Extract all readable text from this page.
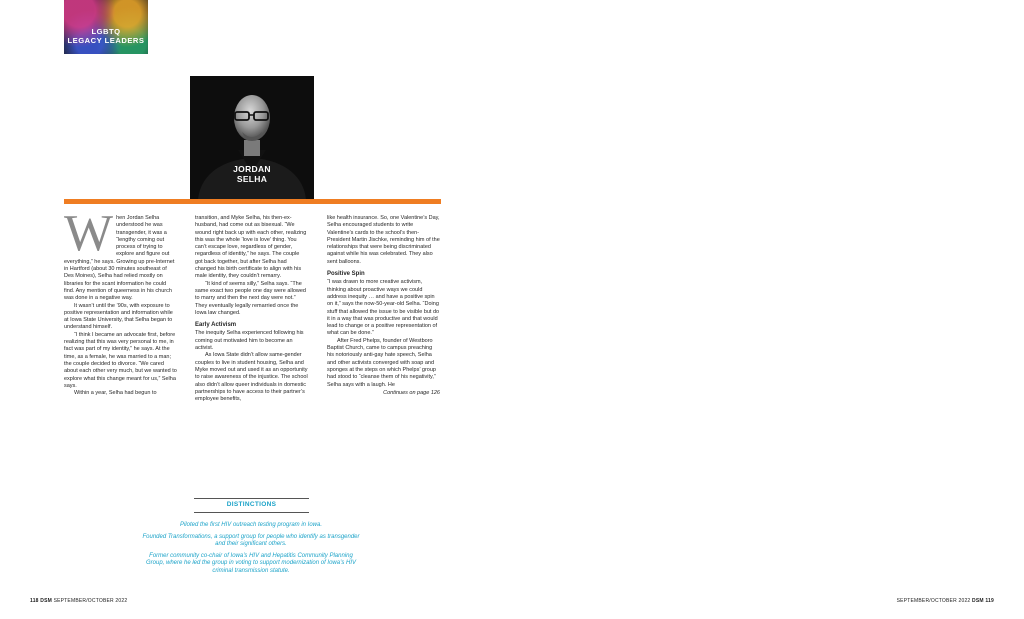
LGBTQ
LEGACY LEADERS
JORDAN
SELHA
W hen Jordan Selha understood he was transgender, it was a “lengthy coming out process of trying to explore and figure out everything,” he says. Growing up pre-Internet in Hartford (about 30 minutes southeast of Des Moines), Selha had relied mostly on libraries for the scant information he could find. Any mention of queerness in his church was done in a negative way.

It wasn’t until the ’90s, with exposure to positive representation and information while at Iowa State University, that Selha began to understand himself.

“I think I became an advocate first, before realizing that this was very personal to me, in fact was part of my identity,” he says. At the time, as a female, he was married to a man; the couple decided to divorce. “We cared about each other very much, but we wanted to explore what this change meant for us,” Selha says.

Within a year, Selha had begun to

transition, and Myke Selha, his then-ex-husband, had come out as bisexual. “We wound right back up with each other, realizing this was the whole ‘love is love’ thing. You can’t escape love, regardless of gender, regardless of identity,” he says. The couple got back together, but after Selha had changed his birth certificate to align with his male identity, they couldn’t remarry.

“It kind of seems silly,” Selha says. “The same exact two people one day were allowed to marry and then the next day were not.” They eventually legally remarried once the Iowa law changed.

Early Activism

The inequity Selha experienced following his coming out motivated him to become an activist.

As Iowa State didn’t allow same-gender couples to live in student housing, Selha and Myke moved out and used it as an opportunity to raise awareness of the injustice. The school also didn’t allow queer individuals in domestic partnerships to have access to their partner’s employee benefits,

like health insurance. So, one Valentine’s Day, Selha encouraged students to write Valentine’s cards to the school’s then-President Martin Jischke, reminding him of the relationships that were being discriminated against while his was celebrated. They also sent balloons.

Positive Spin

“I was drawn to more creative activism, thinking about proactive ways we could address inequity … and have a positive spin on it,” says the now-50-year-old Selha. “Doing stuff that allowed the issue to be visible but do it in a way that was productive and that would lead to change or a positive representation of what can be done.”

After Fred Phelps, founder of Westboro Baptist Church, came to campus preaching his notoriously anti-gay hate speech, Selha and other activists converged with soap and sponges at the steps on which Phelps’ group had stood to “cleanse them of his negativity,” Selha says with a laugh. He

Continues on page 126
DISTINCTIONS
Piloted the first HIV outreach testing program in Iowa.
Founded Transformations, a support group for people who identify as transgender and their significant others.
Former community co-chair of Iowa’s HIV and Hepatitis Community Planning Group, where he led the group in voting to support modernization of Iowa’s HIV criminal transmission statute.
118 DSM SEPTEMBER/OCTOBER 2022	SEPTEMBER/OCTOBER 2022 DSM 119
